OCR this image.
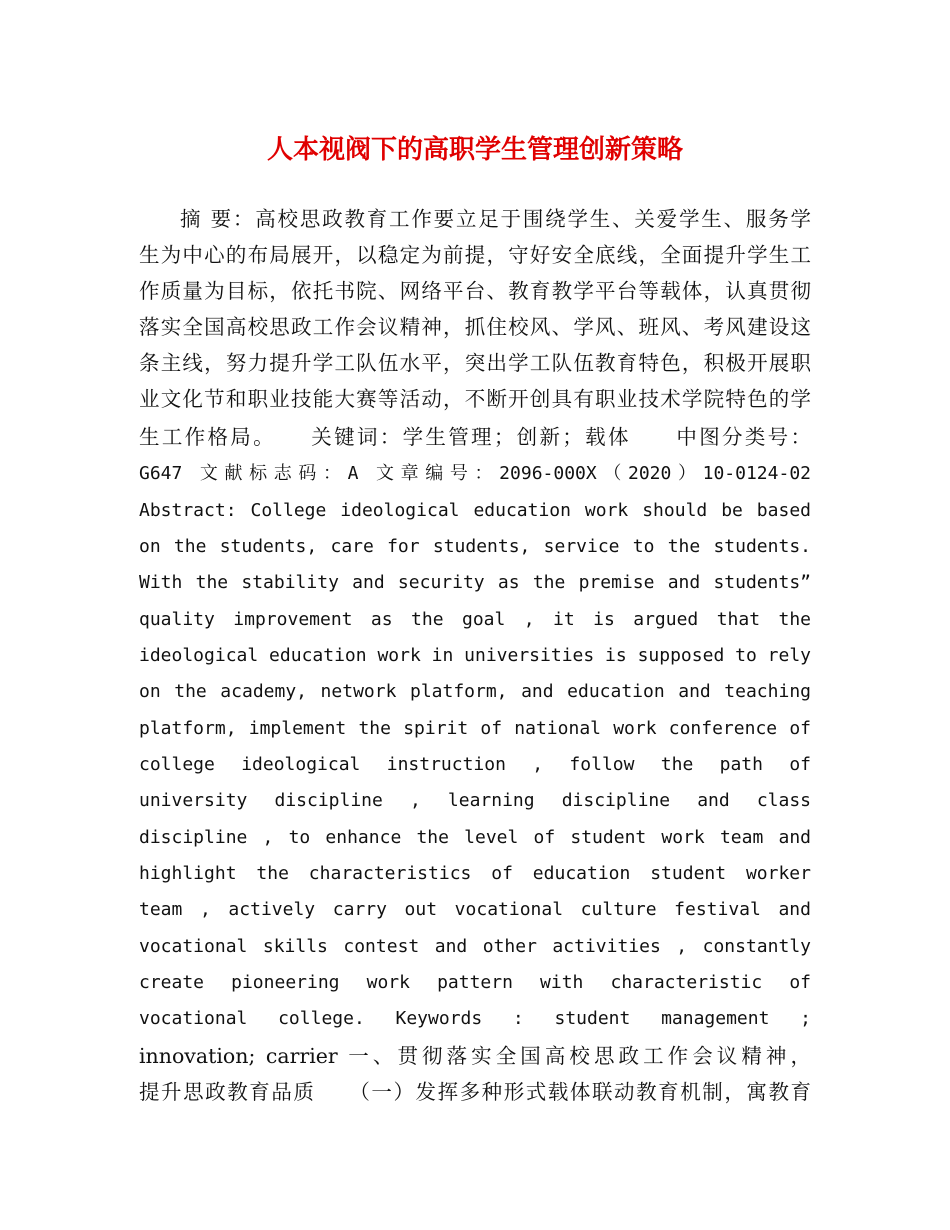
人本视阀下的高职学生管理创新策略
摘 要：高校思政教育工作要立足于围绕学生、关爱学生、服务学
生为中心的布局展开，以稳定为前提，守好安全底线，全面提升学生工
作质量为目标，依托书院、网络平台、教育教学平台等载体，认真贯彻
落实全国高校思政工作会议精神，抓住校风、学风、班风、考风建设这
条主线，努力提升学工队伍水平，突出学工队伍教育特色，积极开展职
业文化节和职业技能大赛等活动，不断开创具有职业技术学院特色的学
生工作格局。　　关键词：学生管理；创新；载体　　中图分类号：
G647 文献标志码：A 文章编号：2096-000X（2020）10-0124-02
Abstract: College ideological education work should be based
on the students, care for students, service to the students.
With the stability and security as the premise and students”
quality improvement as the goal , it is argued that the
ideological education work in universities is supposed to rely
on the academy, network platform, and education and teaching
platform, implement the spirit of national work conference of
college ideological instruction , follow the path of
university discipline , learning discipline and class
discipline , to enhance the level of student work team and
highlight the characteristics of education student worker
team , actively carry out vocational culture festival and
vocational skills contest and other activities , constantly
create pioneering work pattern with characteristic of
vocational college. Keywords : student management ;
innovation; carrier 一、贯彻落实全国高校思政工作会议精神，
提升思政教育品质　　（一）发挥多种形式载体联动教育机制，寓教育
